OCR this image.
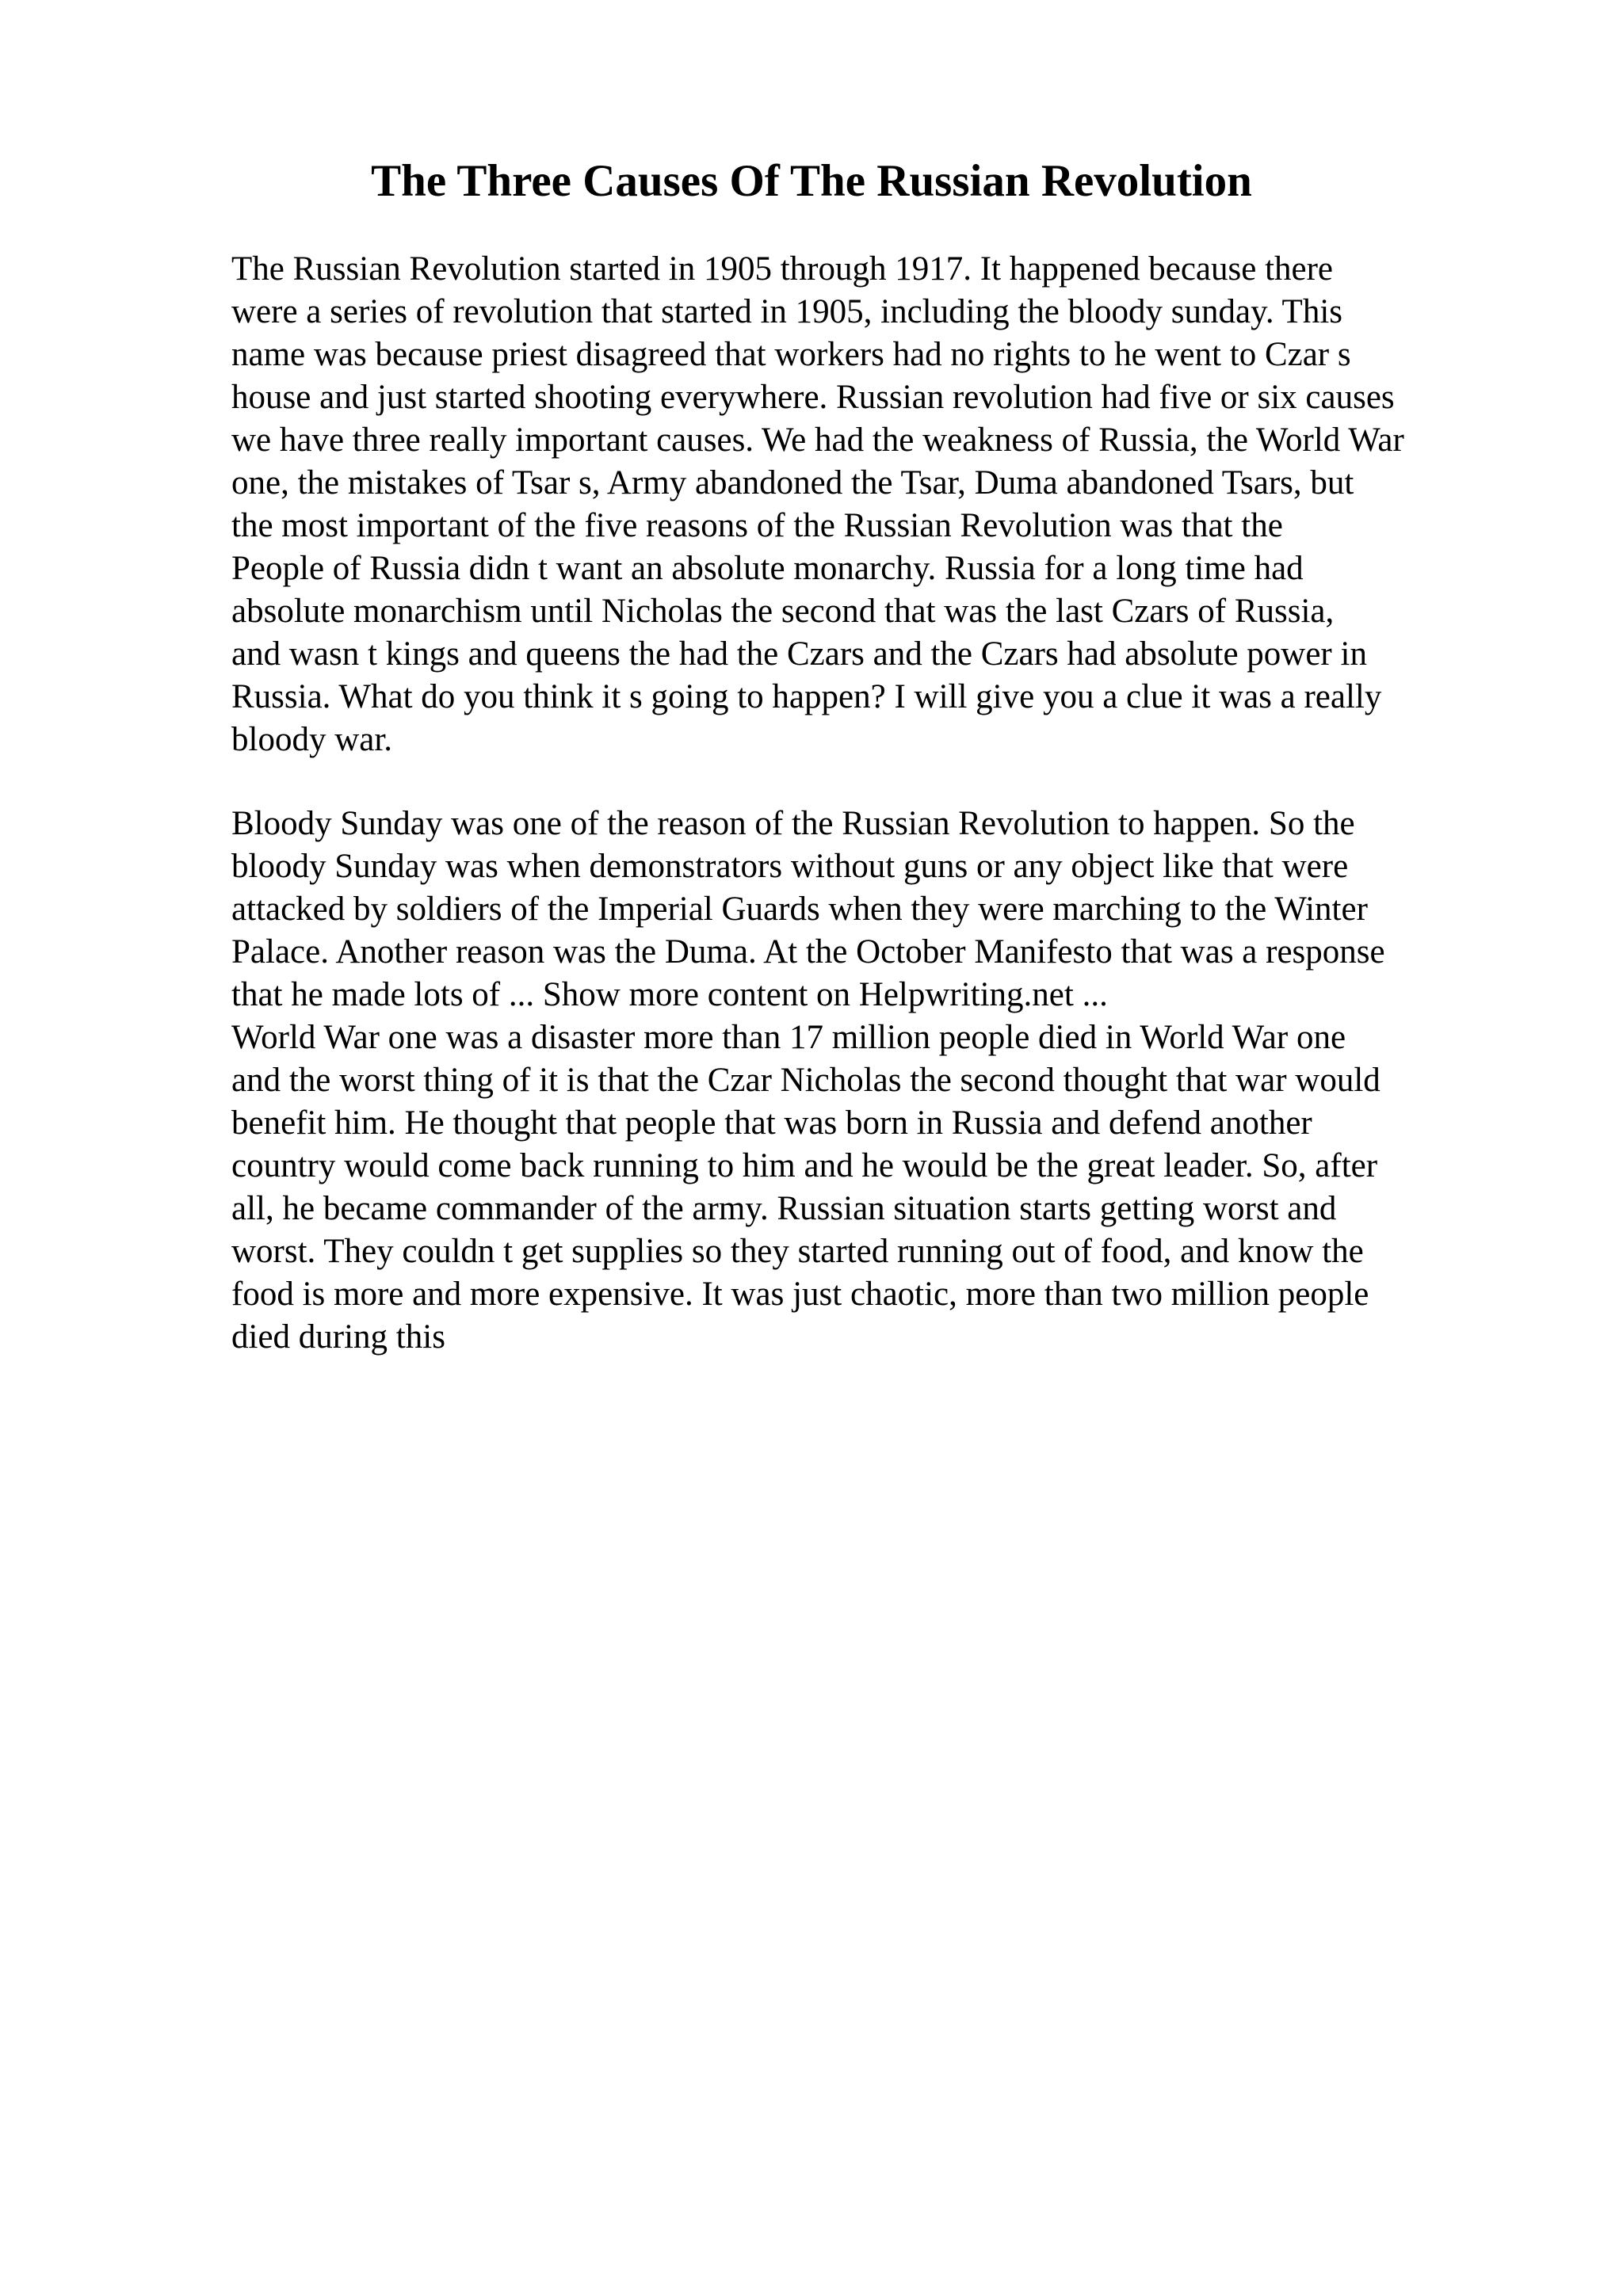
The Three Causes Of The Russian Revolution
The Russian Revolution started in 1905 through 1917. It happened because there
were a series of revolution that started in 1905, including the bloody sunday. This
name was because priest disagreed that workers had no rights to he went to Czar s
house and just started shooting everywhere. Russian revolution had five or six causes
we have three really important causes. We had the weakness of Russia, the World War
one, the mistakes of Tsar s, Army abandoned the Tsar, Duma abandoned Tsars, but
the most important of the five reasons of the Russian Revolution was that the
People of Russia didn t want an absolute monarchy. Russia for a long time had
absolute monarchism until Nicholas the second that was the last Czars of Russia,
and wasn t kings and queens the had the Czars and the Czars had absolute power in
Russia. What do you think it s going to happen? I will give you a clue it was a really
bloody war.
Bloody Sunday was one of the reason of the Russian Revolution to happen. So the
bloody Sunday was when demonstrators without guns or any object like that were
attacked by soldiers of the Imperial Guards when they were marching to the Winter
Palace. Another reason was the Duma. At the October Manifesto that was a response
that he made lots of ... Show more content on Helpwriting.net ...
World War one was a disaster more than 17 million people died in World War one
and the worst thing of it is that the Czar Nicholas the second thought that war would
benefit him. He thought that people that was born in Russia and defend another
country would come back running to him and he would be the great leader. So, after
all, he became commander of the army. Russian situation starts getting worst and
worst. They couldn t get supplies so they started running out of food, and know the
food is more and more expensive. It was just chaotic, more than two million people
died during this
